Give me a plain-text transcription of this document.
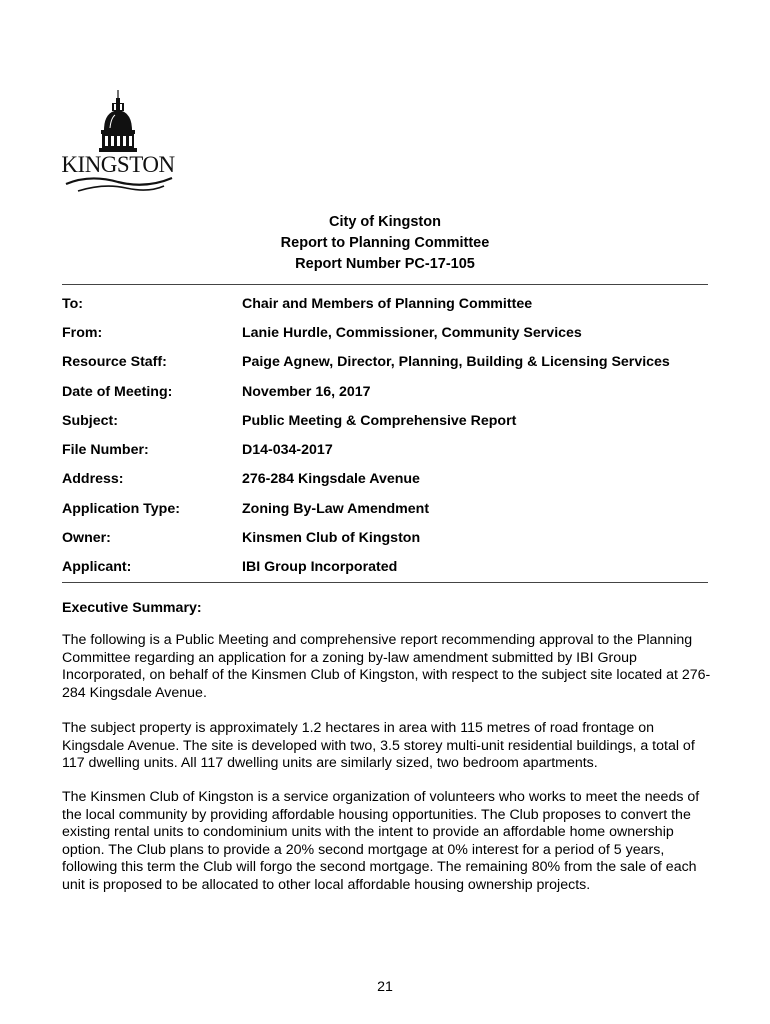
KINGSTON
City of Kingston
Report to Planning Committee
Report Number PC-17-105
To:	Chair and Members of Planning Committee
From:	Lanie Hurdle, Commissioner, Community Services
Resource Staff:	Paige Agnew, Director, Planning, Building & Licensing Services
Date of Meeting:	November 16, 2017
Subject:	Public Meeting & Comprehensive Report
File Number:	D14-034-2017
Address:	276-284 Kingsdale Avenue
Application Type:	Zoning By-Law Amendment
Owner:	Kinsmen Club of Kingston
Applicant:	IBI Group Incorporated
Executive Summary:

The following is a Public Meeting and comprehensive report recommending approval to the Planning Committee regarding an application for a zoning by-law amendment submitted by IBI Group Incorporated, on behalf of the Kinsmen Club of Kingston, with respect to the subject site located at 276-284 Kingsdale Avenue.

The subject property is approximately 1.2 hectares in area with 115 metres of road frontage on Kingsdale Avenue. The site is developed with two, 3.5 storey multi-unit residential buildings, a total of 117 dwelling units. All 117 dwelling units are similarly sized, two bedroom apartments.

The Kinsmen Club of Kingston is a service organization of volunteers who works to meet the needs of the local community by providing affordable housing opportunities. The Club proposes to convert the existing rental units to condominium units with the intent to provide an affordable home ownership option. The Club plans to provide a 20% second mortgage at 0% interest for a period of 5 years, following this term the Club will forgo the second mortgage. The remaining 80% from the sale of each unit is proposed to be allocated to other local affordable housing ownership projects.

21
